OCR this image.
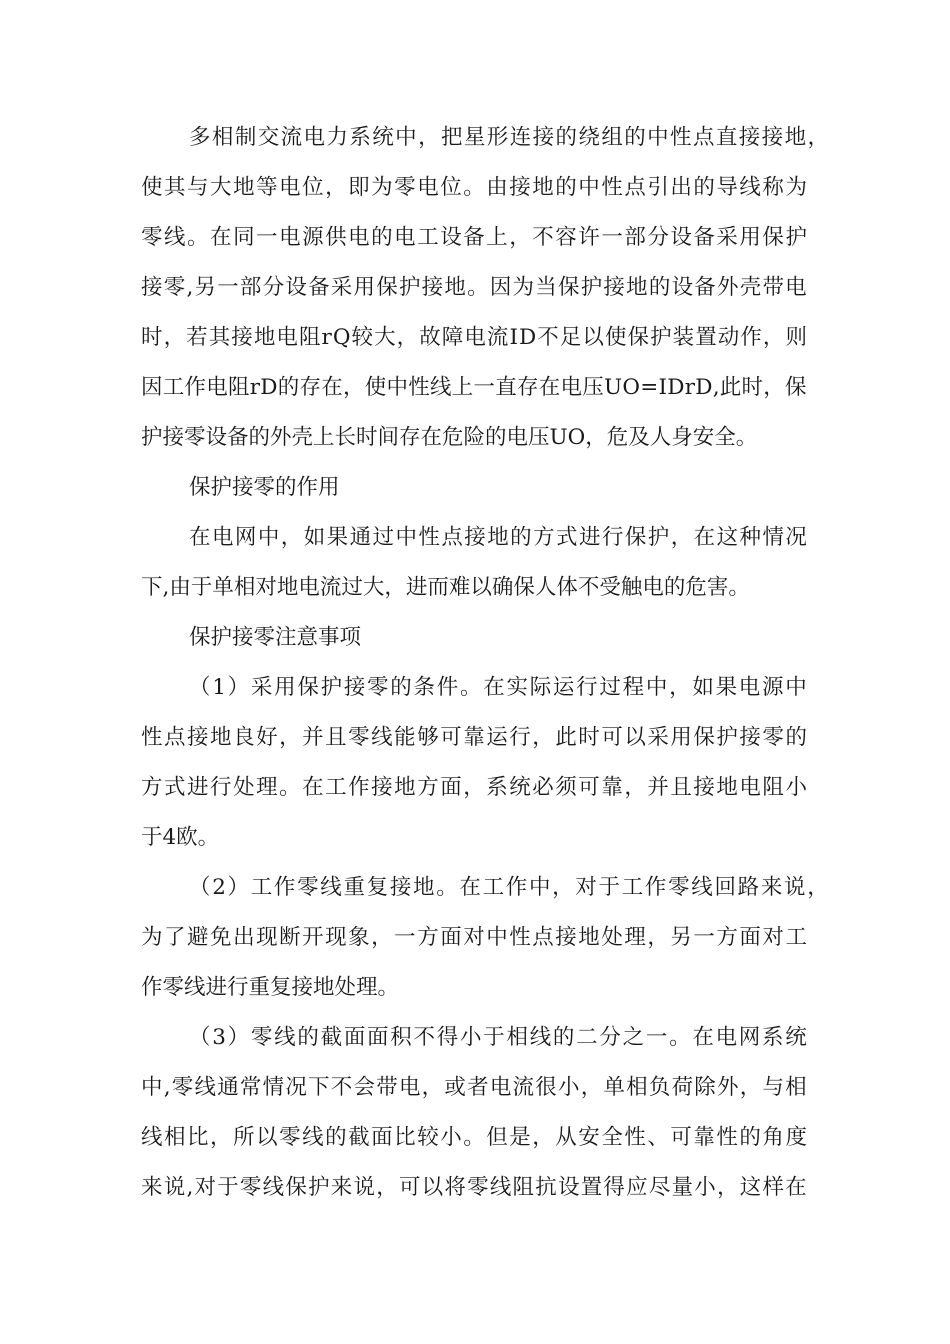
多 相 制 交 流 电 力 系 统 中 ， 把 星 形 连 接 的 绕 组 的 中 性 点 直 接 接 地 ，
使 其 与 大 地 等 电 位 ， 即 为 零 电 位 。 由 接 地 的 中 性 点 引 出 的 导 线 称 为
零 线 。 在 同 一 电 源 供 电 的 电 工 设 备 上 ， 不 容 许 一 部 分 设 备 采 用 保 护
接 零 , 另 一 部 分 设 备 采 用 保 护 接 地 。 因 为 当 保 护 接 地 的 设 备 外 壳 带 电
时 ， 若 其 接 地 电 阻 r Q 较 大 ， 故 障 电 流 I D 不 足 以 使 保 护 装 置 动 作 ， 则
因 工 作 电 阻 r D 的 存 在 ， 使 中 性 线 上 一 直 存 在 电 压 U O = I D r D , 此 时 ， 保
护接零设备的外壳上长时间存在危险的电压UO，危及人身安全。
保护接零的作用
在 电 网 中 ， 如 果 通 过 中 性 点 接 地 的 方 式 进 行 保 护 ， 在 这 种 情 况
下,由于单相对地电流过大，进而难以确保人体不受触电的危害。
保护接零注意事项
（ 1 ） 采 用 保 护 接 零 的 条 件 。 在 实 际 运 行 过 程 中 ， 如 果 电 源 中
性 点 接 地 良 好 ， 并 且 零 线 能 够 可 靠 运 行 ， 此 时 可 以 采 用 保 护 接 零 的
方 式 进 行 处 理 。 在 工 作 接 地 方 面 ， 系 统 必 须 可 靠 ， 并 且 接 地 电 阻 小
于4欧。
（ 2 ） 工 作 零 线 重 复 接 地 。 在 工 作 中 ， 对 于 工 作 零 线 回 路 来 说 ，
为 了 避 免 出 现 断 开 现 象 ， 一 方 面 对 中 性 点 接 地 处 理 ， 另 一 方 面 对 工
作零线进行重复接地处理。
（ 3 ） 零 线 的 截 面 面 积 不 得 小 于 相 线 的 二 分 之 一 。 在 电 网 系 统
中 , 零 线 通 常 情 况 下 不 会 带 电 ， 或 者 电 流 很 小 ， 单 相 负 荷 除 外 ， 与 相
线 相 比 ， 所 以 零 线 的 截 面 比 较 小 。 但 是 ， 从 安 全 性 、 可 靠 性 的 角 度
来 说 , 对 于 零 线 保 护 来 说 ， 可 以 将 零 线 阻 抗 设 置 得 应 尽 量 小 ， 这 样 在
